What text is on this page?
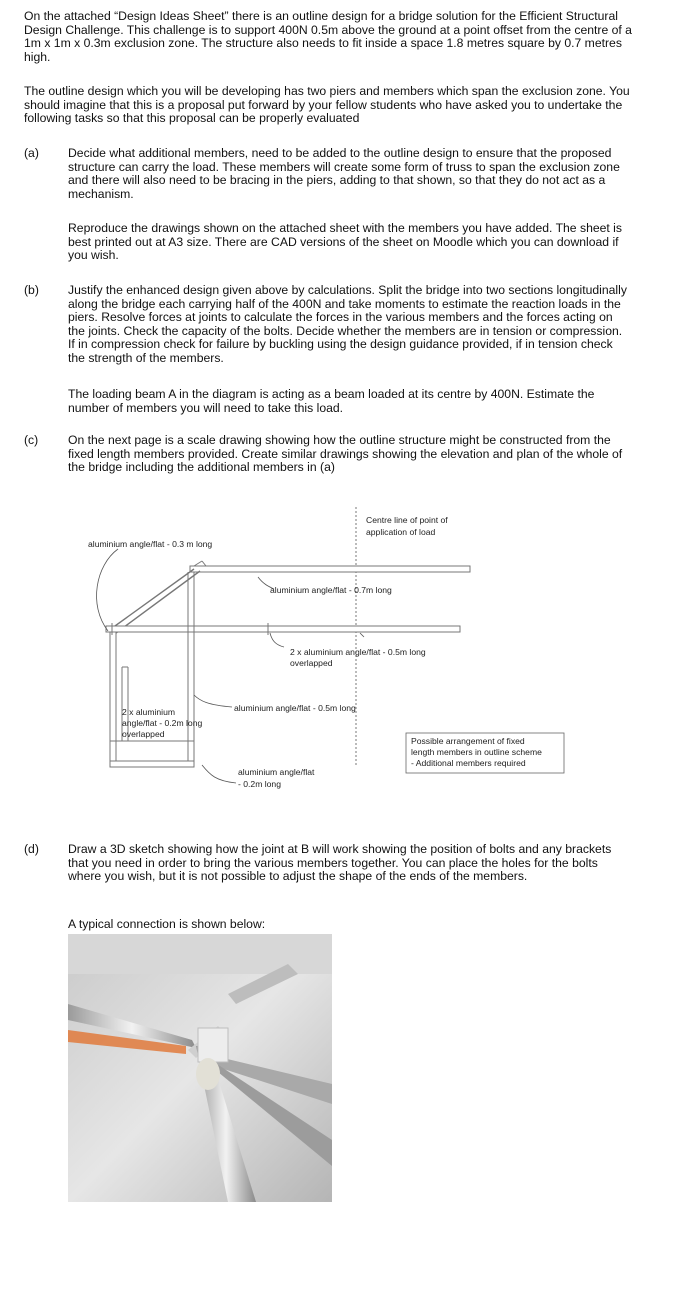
On the attached “Design Ideas Sheet” there is an outline design for a bridge solution for the Efficient Structural Design Challenge. This challenge is to support 400N 0.5m above the ground at a point offset from the centre of a 1m x 1m x 0.3m exclusion zone. The structure also needs to fit inside a space 1.8 metres square by 0.7 metres high.

The outline design which you will be developing has two piers and members which span the exclusion zone. You should imagine that this is a proposal put forward by your fellow students who have asked you to undertake the following tasks so that this proposal can be properly evaluated

(a) Decide what additional members, need to be added to the outline design to ensure that the proposed structure can carry the load. These members will create some form of truss to span the exclusion zone and there will also need to be bracing in the piers, adding to that shown, so that they do not act as a mechanism.

Reproduce the drawings shown on the attached sheet with the members you have added. The sheet is best printed out at A3 size. There are CAD versions of the sheet on Moodle which you can download if you wish.

(b) Justify the enhanced design given above by calculations. Split the bridge into two sections longitudinally along the bridge each carrying half of the 400N and take moments to estimate the reaction loads in the piers. Resolve forces at joints to calculate the forces in the various members and the forces acting on the joints. Check the capacity of the bolts. Decide whether the members are in tension or compression. If in compression check for failure by buckling using the design guidance provided, if in tension check the strength of the members.

The loading beam A in the diagram is acting as a beam loaded at its centre by 400N. Estimate the number of members you will need to take this load.

(c) On the next page is a scale drawing showing how the outline structure might be constructed from the fixed length members provided. Create similar drawings showing the elevation and plan of the whole of the bridge including the additional members in (a)

Centre line of point of
application of load
aluminium angle/flat - 0.3 m long
aluminium angle/flat - 0.7m long
2 x aluminium angle/flat - 0.5m long
overlapped
aluminium angle/flat - 0.5m long
2 x aluminium
angle/flat - 0.2m long
overlapped
aluminium angle/flat
- 0.2m long
Possible arrangement of fixed
length members in outline scheme
- Additional members required

(d) Draw a 3D sketch showing how the joint at B will work showing the position of bolts and any brackets that you need in order to bring the various members together. You can place the holes for the bolts where you wish, but it is not possible to adjust the shape of the ends of the members.

A typical connection is shown below:
